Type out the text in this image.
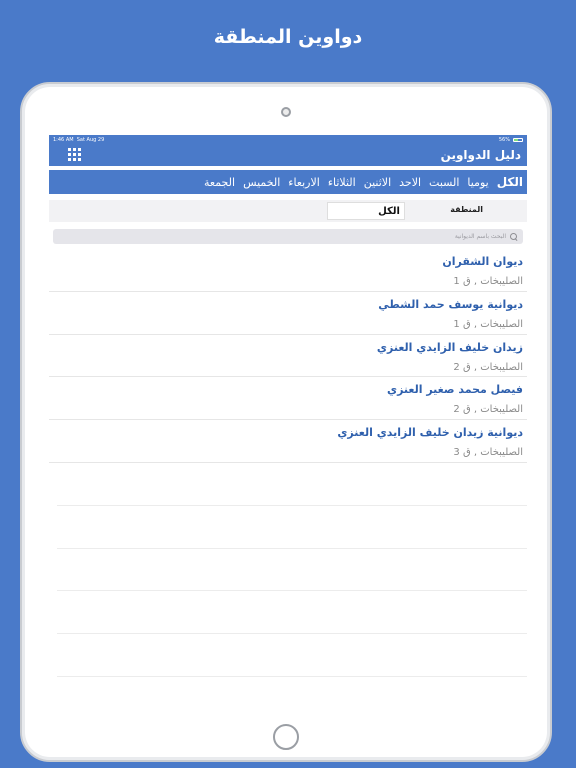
دواوين المنطقة
1:46 AM Sat Aug 29	56%
دليل الدواوين
الكل
يوميا
السبت
الاحد
الاثنين
الثلاثاء
الاربعاء
الخميس
الجمعة
المنطقة
الكل
البحث باسم الديوانية
ديوان الشقران
الصليبخات , ق 1
ديوانية يوسف حمد الشطي
الصليبخات , ق 1
زيدان خليف الزايدي العنزي
الصليبخات , ق 2
فيصل محمد صغير العنزي
الصليبخات , ق 2
ديوانية زيدان خليف الزايدي العنزي
الصليبخات , ق 3
